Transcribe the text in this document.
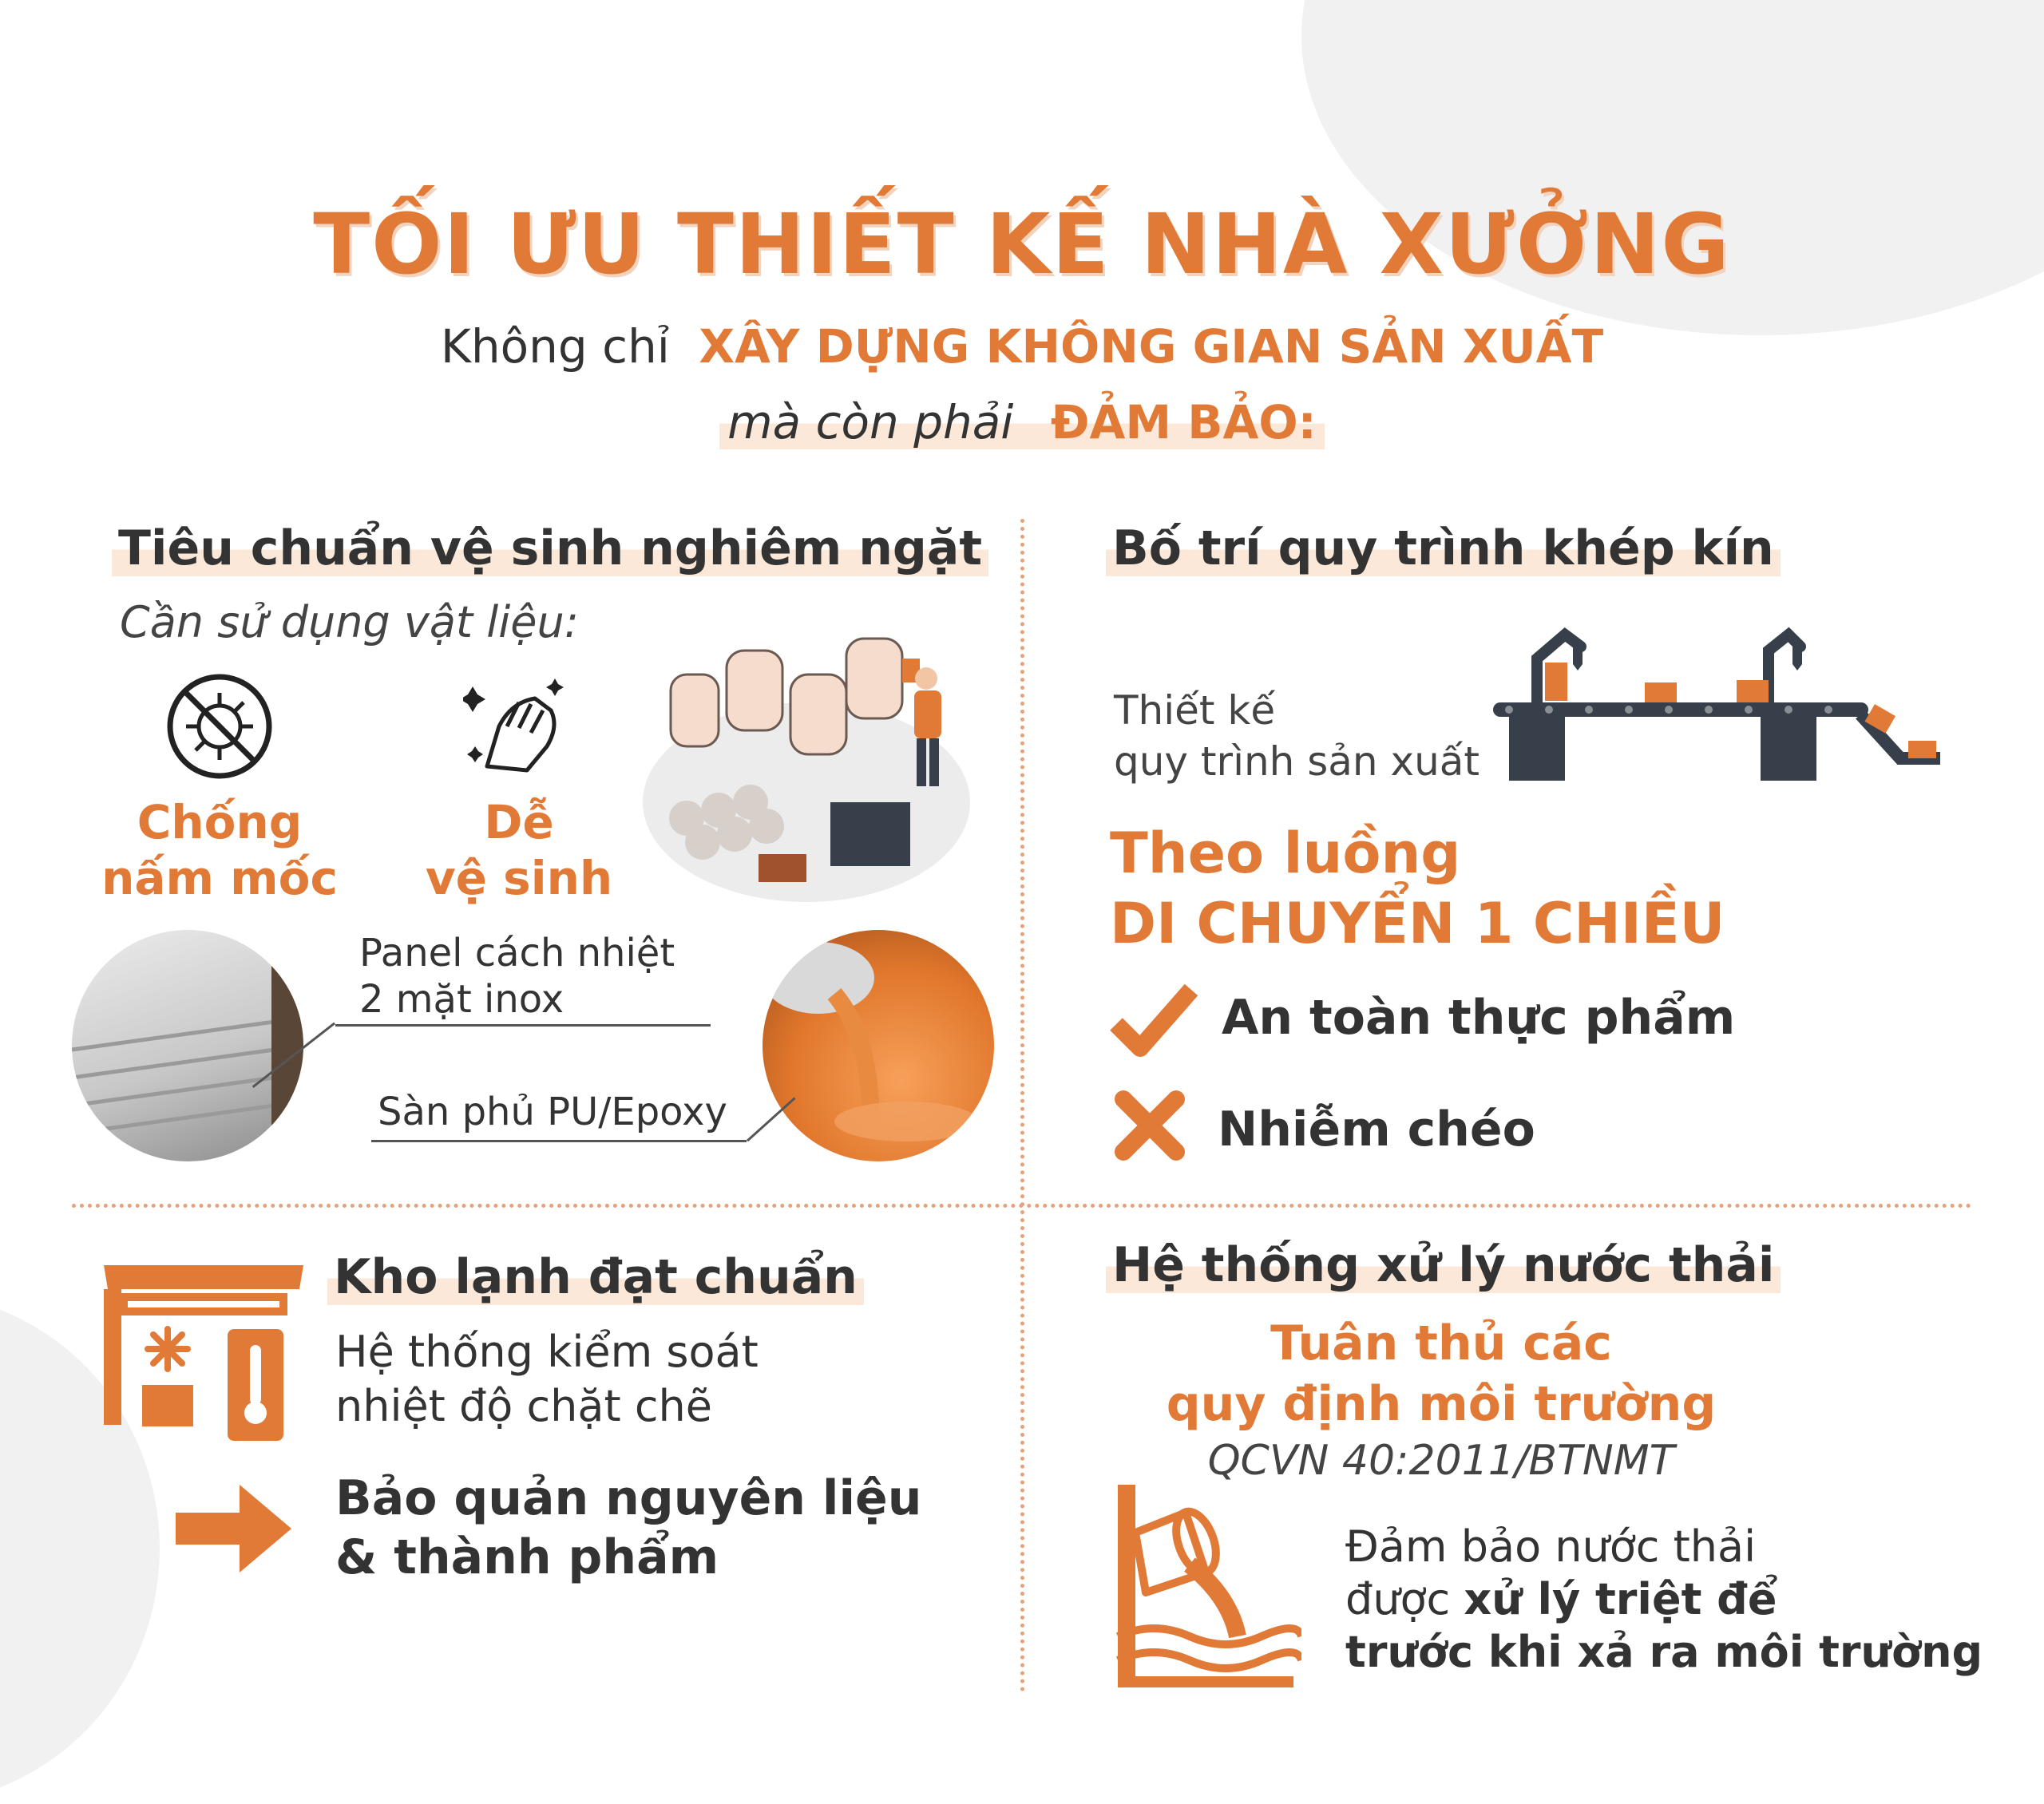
TỐI ƯU THIẾT KẾ NHÀ XƯỞNG
Không chỉ XÂY DỰNG KHÔNG GIAN SẢN XUẤT
mà còn phải ĐẢM BẢO:
Tiêu chuẩn vệ sinh nghiêm ngặt
Cần sử dụng vật liệu:
Chống
nấm mốc
Dễ
vệ sinh
Panel cách nhiệt
2 mặt inox
Sàn phủ PU/Epoxy
Bố trí quy trình khép kín
Thiết kế
quy trình sản xuất
Theo luồng
DI CHUYỂN 1 CHIỀU
An toàn thực phẩm
Nhiễm chéo
Kho lạnh đạt chuẩn
Hệ thống kiểm soát
nhiệt độ chặt chẽ
Bảo quản nguyên liệu
& thành phẩm
Hệ thống xử lý nước thải
Tuân thủ các
quy định môi trường
QCVN 40:2011/BTNMT
Đảm bảo nước thải
được xử lý triệt để
trước khi xả ra môi trường
